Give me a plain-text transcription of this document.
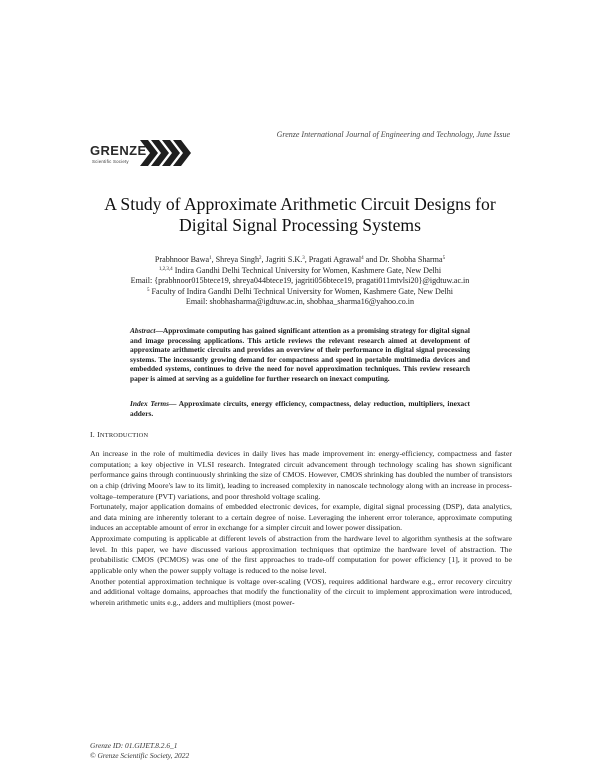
GRENZE
Scientific Society
Grenze International Journal of Engineering and Technology, June Issue
A Study of Approximate Arithmetic Circuit Designs for
Digital Signal Processing Systems
Prabhnoor Bawa$^1$, Shreya Singh$^2$, Jagriti S.K.$^3$, Pragati Agrawal$^4$ and Dr. Shobha Sharma$^5$
$^{1,2,3,4}$ Indira Gandhi Delhi Technical University for Women, Kashmere Gate, New Delhi
Email: {prabhnoor015btece19, shreya044btece19, jagriti056btece19, pragati011mtvlsi20}@igdtuw.ac.in
$^5$ Faculty of Indira Gandhi Delhi Technical University for Women, Kashmere Gate, New Delhi
Email: shobhasharma@igdtuw.ac.in, shobhaa_sharma16@yahoo.co.in
Abstract—Approximate computing has gained significant attention as a promising strategy for digital signal and image processing applications. This article reviews the relevant research aimed at development of approximate arithmetic circuits and provides an overview of their performance in digital signal processing systems. The incessantly growing demand for compactness and speed in portable multimedia devices and embedded systems, continues to drive the need for novel approximation techniques. This review research paper is aimed at serving as a guideline for further research on inexact computing.
Index Terms— Approximate circuits, energy efficiency, compactness, delay reduction, multipliers, inexact adders.
I. INTRODUCTION

An increase in the role of multimedia devices in daily lives has made improvement in: energy-efficiency, compactness and faster computation; a key objective in VLSI research. Integrated circuit advancement through technology scaling has shown significant performance gains through continuously shrinking the size of CMOS. However, CMOS shrinking has doubled the number of transistors on a chip (driving Moore's law to its limit), leading to increased complexity in nanoscale technology along with an increase in process-voltage–temperature (PVT) variations, and poor threshold voltage scaling.

Fortunately, major application domains of embedded electronic devices, for example, digital signal processing (DSP), data analytics, and data mining are inherently tolerant to a certain degree of noise. Leveraging the inherent error tolerance, approximate computing induces an acceptable amount of error in exchange for a simpler circuit and lower power dissipation.

Approximate computing is applicable at different levels of abstraction from the hardware level to algorithm synthesis at the software level. In this paper, we have discussed various approximation techniques that optimize the hardware level of abstraction. The probabilistic CMOS (PCMOS) was one of the first approaches to trade-off computation for power efficiency [1], it proved to be applicable only when the power supply voltage is reduced to the noise level.

Another potential approximation technique is voltage over-scaling (VOS), requires additional hardware e.g., error recovery circuitry and additional voltage domains, approaches that modify the functionality of the circuit to implement approximation were introduced, wherein arithmetic units e.g., adders and multipliers (most power-

Grenze ID: 01.GIJET.8.2.6_1
© Grenze Scientific Society, 2022
